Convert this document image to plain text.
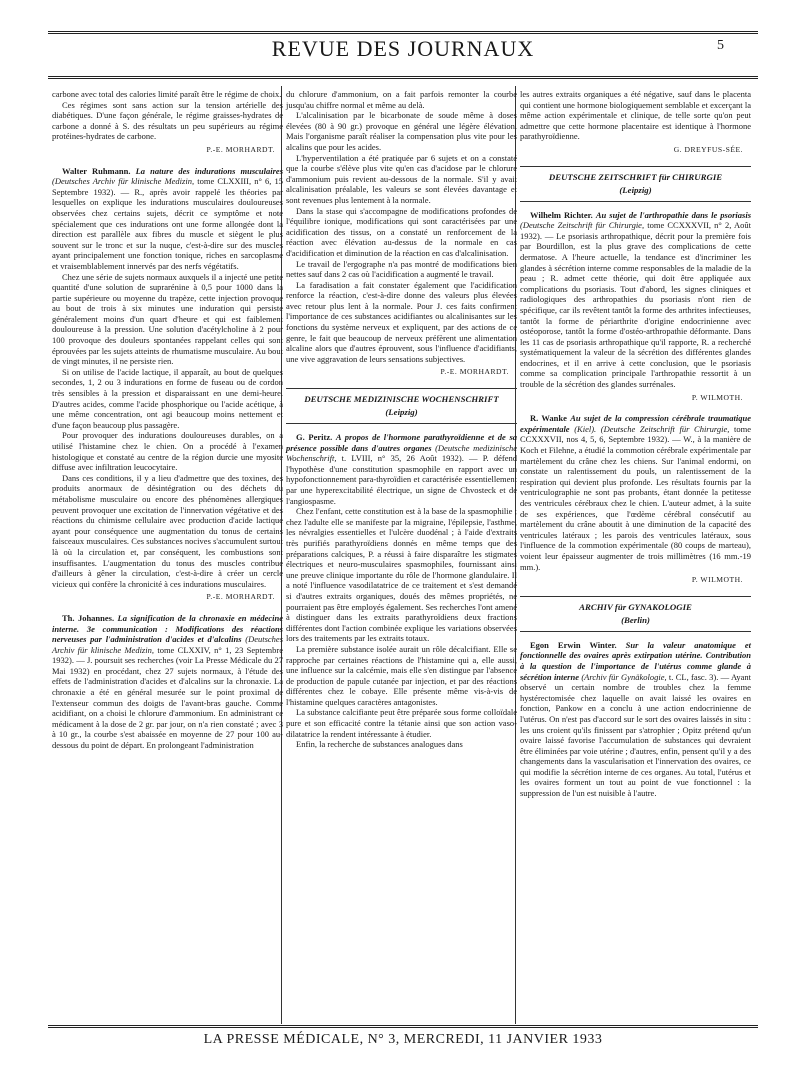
REVUE DES JOURNAUX	5

carbone avec total des calories limité paraît être le régime de choix.

Ces régimes sont sans action sur la tension artérielle des diabétiques. D'une façon générale, le régime graisses-hydrates de carbone a donné à S. des résultats un peu supérieurs au régime protéines-hydrates de carbone.

P.-E. MORHARDT.

Walter Ruhmann. La nature des indurations musculaires (Deutsches Archiv für klinische Medizin, tome CLXXIII, n° 6, 15 Septembre 1932). — R., après avoir rappelé les théories par lesquelles on explique les indurations musculaires douloureuses observées chez certains sujets, décrit ce symptôme et note spécialement que ces indurations ont une forme allongée dont la direction est parallèle aux fibres du muscle et siègent le plus souvent sur le tronc et sur la nuque, c'est-à-dire sur des muscles ayant principalement une fonction tonique, riches en sarcoplasme et vraisemblablement innervés par des nerfs végétatifs.

Chez une série de sujets normaux auxquels il a injecté une petite quantité d'une solution de suprarénine à 0,5 pour 1000 dans la partie supérieure ou moyenne du trapèze, cette injection provoque au bout de trois à six minutes une induration qui persiste généralement moins d'un quart d'heure et qui est faiblement douloureuse à la pression. Une solution d'acétylcholine à 2 pour 100 provoque des douleurs spontanées rappelant celles qui sont éprouvées par les sujets atteints de rhumatisme musculaire. Au bout de vingt minutes, il ne persiste rien.

Si on utilise de l'acide lactique, il apparaît, au bout de quelques secondes, 1, 2 ou 3 indurations en forme de fuseau ou de cordon très sensibles à la pression et disparaissant en une demi-heure. D'autres acides, comme l'acide phosphorique ou l'acide acétique, à une même concentration, ont agi beaucoup moins nettement et d'une façon beaucoup plus passagère.

Pour provoquer des indurations douloureuses durables, on a utilisé l'histamine chez le chien. On a procédé à l'examen histologique et constaté au centre de la région durcie une myosite diffuse avec infiltration leucocytaire.

Dans ces conditions, il y a lieu d'admettre que des toxines, des produits anormaux de désintégration ou des déchets du métabolisme musculaire ou encore des phénomènes allergiques peuvent provoquer une excitation de l'innervation végétative et des réactions du chimisme cellulaire avec production d'acide lactique ayant pour conséquence une augmentation du tonus de certains faisceaux musculaires. Ces substances nocives s'accumulent surtout là où la circulation et, par conséquent, les combustions sont insuffisantes. L'augmentation du tonus des muscles contribue d'ailleurs à gêner la circulation, c'est-à-dire à créer un cercle vicieux qui confère la chronicité à ces indurations musculaires.

P.-E. MORHARDT.

Th. Johannes. La signification de la chronaxie en médecine interne. 3e communication : Modifications des réactions nerveuses par l'administration d'acides et d'alcalins (Deutsches Archiv für klinische Medizin, tome CLXXIV, n° 1, 23 Septembre 1932). — J. poursuit ses recherches (voir La Presse Médicale du 27 Mai 1932) en procédant, chez 27 sujets normaux, à l'étude des effets de l'administration d'acides et d'alcalins sur la chronaxie. La chronaxie a été en général mesurée sur le point proximal de l'extenseur commun des doigts de l'avant-bras gauche. Comme acidifiant, on a choisi le chlorure d'ammonium. En administrant ce médicament à la dose de 2 gr. par jour, on n'a rien constaté ; avec 3 à 10 gr., la courbe s'est abaissée en moyenne de 27 pour 100 au-dessous du point de départ. En prolongeant l'administration

du chlorure d'ammonium, on a fait parfois remonter la courbe jusqu'au chiffre normal et même au delà.

L'alcalinisation par le bicarbonate de soude même à doses élevées (80 à 90 gr.) provoque en général une légère élévation. Mais l'organisme paraît réaliser la compensation plus vite pour les alcalins que pour les acides.

L'hyperventilation a été pratiquée par 6 sujets et on a constaté que la courbe s'élève plus vite qu'en cas d'acidose par le chlorure d'ammonium puis revient au-dessous de la normale. S'il y avait alcalinisation préalable, les valeurs se sont élevées davantage et sont revenues plus lentement à la normale.

Dans la stase qui s'accompagne de modifications profondes de l'équilibre ionique, modifications qui sont caractérisées par une acidification des tissus, on a constaté un renforcement de la réaction avec élévation au-dessus de la normale en cas d'acidification et diminution de la réaction en cas d'alcalinisation.

Le travail de l'ergographe n'a pas montré de modifications bien nettes sauf dans 2 cas où l'acidification a augmenté le travail.

La faradisation a fait constater également que l'acidification renforce la réaction, c'est-à-dire donne des valeurs plus élevées avec retour plus lent à la normale. Pour J. ces faits confirment l'importance de ces substances acidifiantes ou alcalinisantes sur les fonctions du système nerveux et expliquent, par des actions de ce genre, le fait que beaucoup de nerveux préfèrent une alimentation alcaline alors que d'autres éprouvent, sous l'influence d'acidifiants, une vive aggravation de leurs sensations subjectives.

P.-E. MORHARDT.
DEUTSCHE MEDIZINISCHE WOCHENSCHRIFT
(Leipzig)

G. Peritz. A propos de l'hormone parathyroïdienne et de sa présence possible dans d'autres organes (Deutsche medizinische Wochenschrift, t. LVIII, n° 35, 26 Août 1932). — P. défend l'hypothèse d'une constitution spasmophile en rapport avec un hypofonctionnement para-thyroïdien et caractérisée essentiellement par une hyperexcitabilité électrique, un signe de Chvosteck et de l'angiospasme.

Chez l'enfant, cette constitution est à la base de la spasmophilie ; chez l'adulte elle se manifeste par la migraine, l'épilepsie, l'asthme, les névralgies essentielles et l'ulcère duodénal ; à l'aide d'extraits très purifiés parathyroïdiens donnés en même temps que des préparations calciques, P. a réussi à faire disparaître les stigmates électriques et neuro-musculaires spasmophiles, fournissant ainsi une preuve clinique importante du rôle de l'hormone glandulaire. Il a noté l'influence vasodilatatrice de ce traitement et s'est demandé si d'autres extraits organiques, doués des mêmes propriétés, ne pourraient pas être employés également. Ses recherches l'ont amené à distinguer dans les extraits parathyroïdiens deux fractions différentes dont l'action combinée explique les variations observées lors des traitements par les extraits totaux.

La première substance isolée aurait un rôle décalcifiant. Elle se rapproche par certaines réactions de l'histamine qui a, elle aussi, une influence sur la calcémie, mais elle s'en distingue par l'absence de production de papule cutanée par injection, et par des réactions différentes chez le cobaye. Elle présente même vis-à-vis de l'histamine quelques caractères antagonistes.

La substance calcifiante peut être préparée sous forme colloïdale pure et son efficacité contre la tétanie ainsi que son action vaso-dilatatrice la rendent intéressante à étudier.

Enfin, la recherche de substances analogues dans

les autres extraits organiques a été négative, sauf dans le placenta qui contient une hormone biologiquement semblable et excerçant la même action expérimentale et clinique, de telle sorte qu'on peut admettre que cette hormone placentaire est identique à l'hormone parathyroïdienne.

G. DREYFUS-SÉE.
DEUTSCHE ZEITSCHRIFT für CHIRURGIE
(Leipzig)

Wilhelm Richter. Au sujet de l'arthropathie dans le psoriasis (Deutsche Zeitschrift für Chirurgie, tome CCXXXVII, n° 2, Août 1932). — Le psoriasis arthropathique, décrit pour la première fois par Bourdillon, est la plus grave des complications de cette dermatose. A l'heure actuelle, la tendance est d'incriminer les glandes à sécrétion interne comme responsables de la maladie de la peau ; R. admet cette théorie, qui doit être appliquée aux complications du psoriasis. Tout d'abord, les signes cliniques et radiologiques des arthropathies du psoriasis n'ont rien de spécifique, car ils revêtent tantôt la forme des arthrites infectieuses, tantôt la forme de périarthrite d'origine endocrinienne avec ostéoporose, tantôt la forme d'ostéo-arthropathie déformante. Dans les 11 cas de psoriasis arthropathique qu'il rapporte, R. a recherché systématiquement la valeur de la sécrétion des différentes glandes endocrines, et il en arrive à cette conclusion, que le psoriasis comme sa complication principale l'arthropathie ressortit à un trouble de la sécrétion des glandes surrénales.

P. WILMOTH.

R. Wanke Au sujet de la compression cérébrale traumatique expérimentale (Kiel). (Deutsche Zeitschrift für Chirurgie, tome CCXXXVII, nos 4, 5, 6, Septembre 1932). — W., à la manière de Koch et Filehne, a étudié la commotion cérébrale expérimentale par martèlement du crâne chez les chiens. Sur l'animal endormi, on constate un ralentissement du pouls, un ralentissement de la respiration qui devient plus profonde. Les résultats fournis par la ventriculographie ne sont pas probants, étant donnée la petitesse des ventricules cérébraux chez le chien. L'auteur admet, à la suite de ses expériences, que l'œdème cérébral consécutif au martèlement du crâne aboutit à une diminution de la capacité des ventricules latéraux ; les parois des ventricules latéraux, sous l'influence de la commotion expérimentale (80 coups de marteau), voient leur épaisseur augmenter de trois millimètres (16 mm.-19 mm.).

P. WILMOTH.
ARCHIV für GYNAKOLOGIE
(Berlin)

Egon Erwin Winter. Sur la valeur anatomique et fonctionnelle des ovaires après extirpation utérine. Contribution à la question de l'importance de l'utérus comme glande à sécrétion interne (Archiv für Gynäkologie, t. CL, fasc. 3). — Ayant observé un certain nombre de troubles chez la femme hystérectomisée chez laquelle on avait laissé les ovaires en fonction, Pankow en a conclu à une action endocrinienne de l'utérus. On n'est pas d'accord sur le sort des ovaires laissés in situ : les uns croient qu'ils finissent par s'atrophier ; Opitz prétend qu'un ovaire laissé favorise l'accumulation de substances qui devraient être éliminées par voie utérine ; d'autres, enfin, pensent qu'il y a des changements dans la vascularisation et l'innervation des ovaires, ce qui modifie la sécrétion interne de ces organes. Au total, l'utérus et les ovaires forment un tout au point de vue fonctionnel : la suppression de l'un est nuisible à l'autre.

LA PRESSE MÉDICALE, N° 3, MERCREDI, 11 JANVIER 1933
